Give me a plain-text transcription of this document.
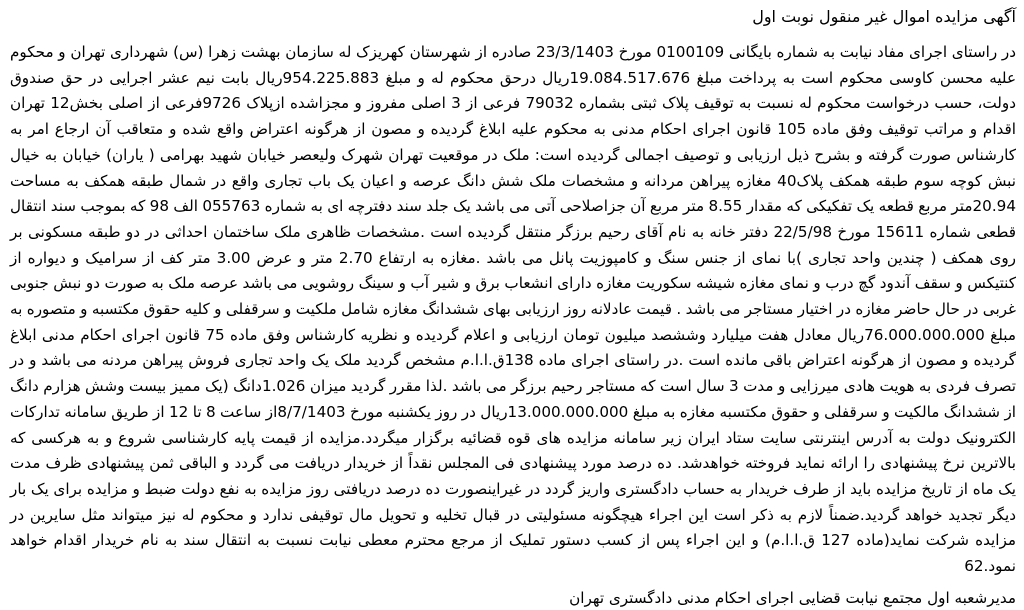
آگهی مزایده اموال غیر منقول نوبت اول

در راستای اجرای مفاد نیابت به شماره بایگانی 0100109 مورخ 23/3/1403 صادره از شهرستان کهریزک له سازمان بهشت زهرا (س) شهرداری تهران و محکوم علیه محسن کاوسی محکوم است به پرداخت مبلغ 19.084.517.676ریال درحق محکوم له و مبلغ 954.225.883ریال بابت نیم عشر اجرایی در حق صندوق دولت، حسب درخواست محکوم له نسبت به توقیف پلاک ثبتی بشماره 79032 فرعی از 3 اصلی مفروز و مجزاشده ازپلاک 9726فرعی از اصلی بخش12 تهران اقدام و مراتب توقیف وفق ماده 105 قانون اجرای احکام مدنی به محکوم علیه ابلاغ گردیده و مصون از هرگونه اعتراض واقع شده و متعاقب آن ارجاع امر به کارشناس صورت گرفته و بشرح ذیل ارزیابی و توصیف اجمالی گردیده است: ملک در موقعیت تهران شهرک ولیعصر خیابان شهید بهرامی ( یاران) خیابان به خیال نبش کوچه سوم طبقه همکف پلاک40 مغازه پیراهن مردانه و مشخصات ملک شش دانگ عرصه و اعیان یک باب تجاری واقع در شمال طبقه همکف به مساحت 20.94متر مربع قطعه یک تفکیکی که مقدار 8.55 متر مربع آن جزاصلاحی آتی می باشد یک جلد سند دفترچه ای به شماره 055763 الف 98 که بموجب سند انتقال قطعی شماره 15611 مورخ 22/5/98 دفتر خانه به نام آقای رحیم برزگر منتقل گردیده است .مشخصات ظاهری ملک ساختمان احداثی در دو طبقه مسکونی بر روی همکف ( چندین واحد تجاری )با نمای از جنس سنگ و کامپوزیت پانل می باشد .مغازه به ارتفاع 2.70 متر و عرض 3.00 متر کف از سرامیک و دیواره از کنتیکس و سقف آندود گچ درب و نمای مغازه شیشه سکوریت مغازه دارای انشعاب برق و شیر آب و سینگ روشویی می باشد عرصه ملک به صورت دو نبش جنوبی غربی در حال حاضر مغازه در اختیار مستاجر می باشد . قیمت عادلانه روز ارزیابی بهای ششدانگ مغازه شامل ملکیت و سرقفلی و کلیه حقوق مکتسبه و متصوره به مبلغ 76.000.000.000ریال معادل هفت میلیارد وششصد میلیون تومان ارزیابی و اعلام گردیده و نظریه کارشناس وفق ماده 75 قانون اجرای احکام مدنی ابلاغ گردیده و مصون از هرگونه اعتراض باقی مانده است .در راستای اجرای ماده 138ق.ا.ا.م مشخص گردید ملک یک واحد تجاری فروش پیراهن مردنه می باشد و در تصرف فردی به هویت هادی میرزایی و مدت 3 سال است که مستاجر رحیم برزگر می باشد .لذا مقرر گردید میزان 1.026دانگ (یک ممیز بیست وشش هزارم دانگ از ششدانگ مالکیت و سرقفلی و حقوق مکتسبه مغازه به مبلغ 13.000.000.000ریال در روز یکشنبه مورخ 8/7/1403از ساعت 8 تا 12 از طریق سامانه تدارکات الکترونیک دولت به آدرس اینترنتی سایت ستاد ایران زیر سامانه مزایده های قوه قضائیه برگزار میگردد.مزایده از قیمت پایه کارشناسی شروع و به هرکسی که بالاترین نرخ پیشنهادی را ارائه نماید فروخته خواهدشد. ده درصد مورد پیشنهادی فی المجلس نقداً از خریدار دریافت می گردد و الباقی ثمن پیشنهادی ظرف مدت یک ماه از تاریخ مزایده باید از طرف خریدار به حساب دادگستری واریز گردد در غیراینصورت ده درصد دریافتی روز مزایده به نفع دولت ضبط و مزایده برای یک بار دیگر تجدید خواهد گردید.ضمناً لازم به ذکر است این اجراء هیچگونه مسئولیتی در قبال تخلیه و تحویل مال توقیفی ندارد و محکوم له نیز میتواند مثل سایرین در مزایده شرکت نماید(ماده 127 ق.ا.ا.م) و این اجراء پس از کسب دستور تملیک از مرجع محترم معطی نیابت نسبت به انتقال سند به نام خریدار اقدام خواهد نمود.62

مدیرشعبه اول مجتمع نیابت قضایی اجرای احکام مدنی دادگستری تهران
